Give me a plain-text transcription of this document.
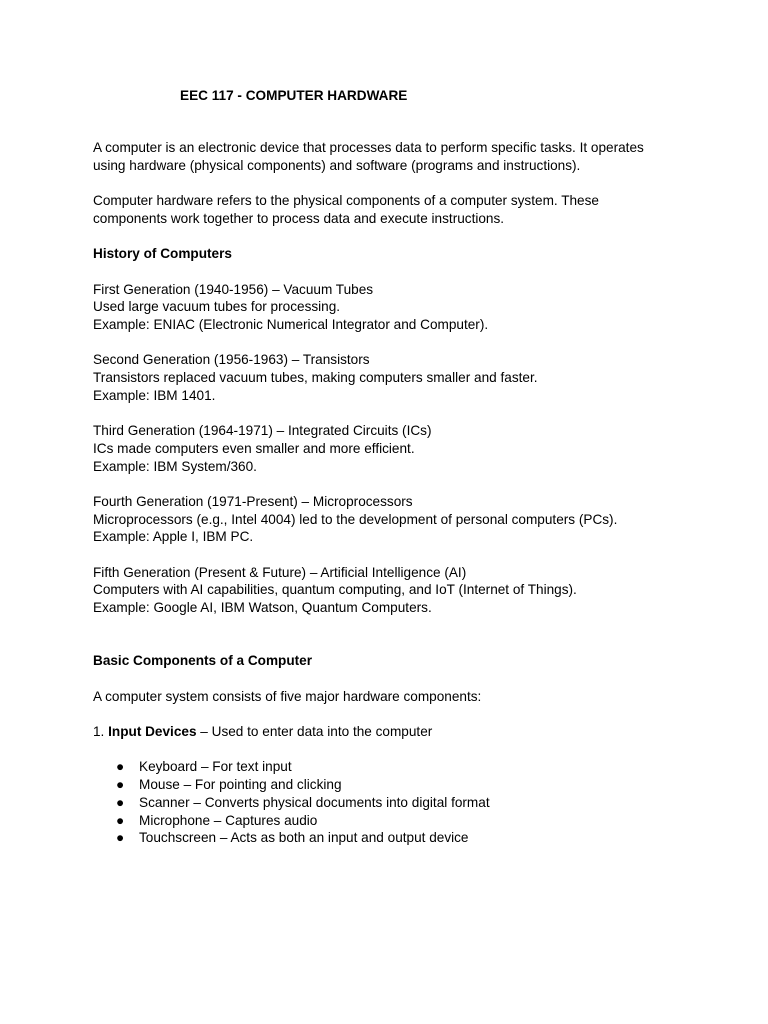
EEC 117 - COMPUTER HARDWARE

A computer is an electronic device that processes data to perform specific tasks. It operates
using hardware (physical components) and software (programs and instructions).

Computer hardware refers to the physical components of a computer system. These
components work together to process data and execute instructions.

History of Computers

First Generation (1940-1956) – Vacuum Tubes
Used large vacuum tubes for processing.
Example: ENIAC (Electronic Numerical Integrator and Computer).

Second Generation (1956-1963) – Transistors
Transistors replaced vacuum tubes, making computers smaller and faster.
Example: IBM 1401.

Third Generation (1964-1971) – Integrated Circuits (ICs)
ICs made computers even smaller and more efficient.
Example: IBM System/360.

Fourth Generation (1971-Present) – Microprocessors
Microprocessors (e.g., Intel 4004) led to the development of personal computers (PCs).
Example: Apple I, IBM PC.

Fifth Generation (Present & Future) – Artificial Intelligence (AI)
Computers with AI capabilities, quantum computing, and IoT (Internet of Things).
Example: Google AI, IBM Watson, Quantum Computers.

Basic Components of a Computer

A computer system consists of five major hardware components:

1. Input Devices – Used to enter data into the computer

● Keyboard – For text input
● Mouse – For pointing and clicking
● Scanner – Converts physical documents into digital format
● Microphone – Captures audio
● Touchscreen – Acts as both an input and output device
